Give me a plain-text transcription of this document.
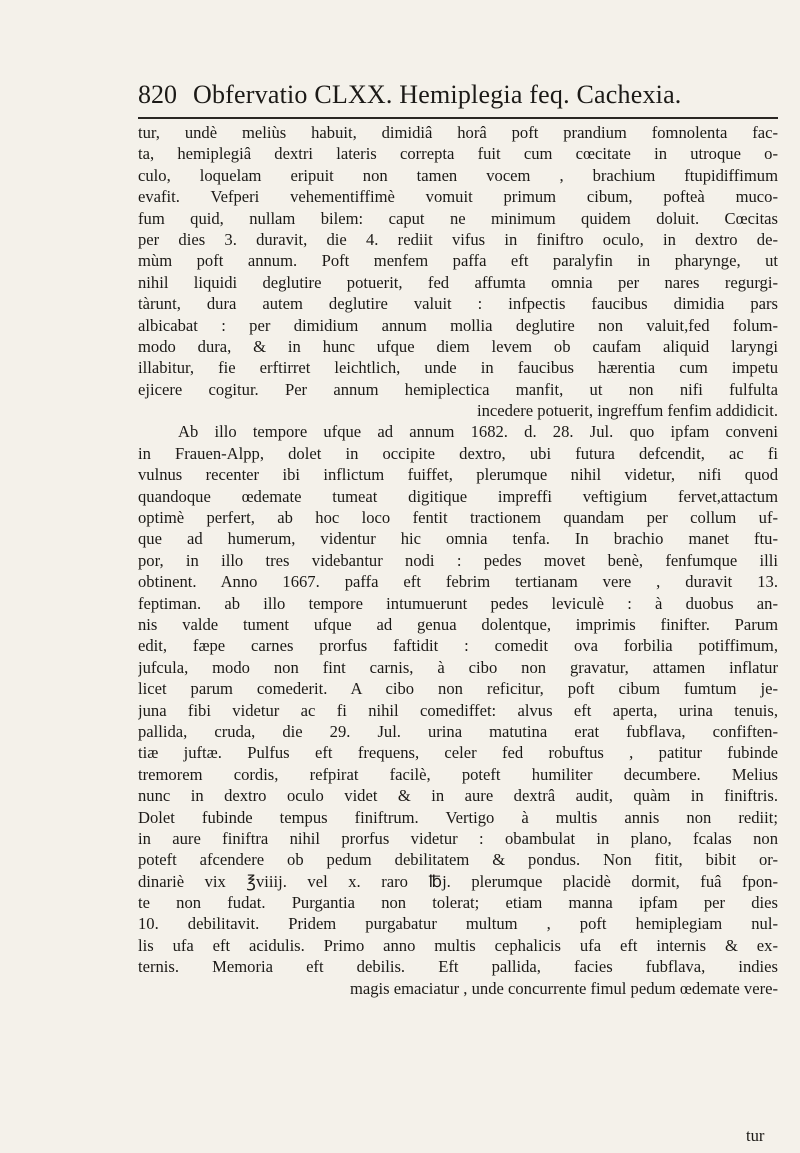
820 Obfervatio CLXX. Hemiplegia feq. Cachexia.
tur, undè meliùs habuit, dimidiâ horâ poft prandium fomnolenta fac-
ta, hemiplegiâ dextri lateris correpta fuit cum cœcitate in utroque o-
culo, loquelam eripuit non tamen vocem , brachium ftupidiffimum
evafit. Vefperi vehementiffimè vomuit primum cibum, pofteà muco-
fum quid, nullam bilem: caput ne minimum quidem doluit. Cœcitas
per dies 3. duravit, die 4. rediit vifus in finiftro oculo, in dextro de-
mùm poft annum. Poft menfem paffa eft paralyfin in pharynge, ut
nihil liquidi deglutire potuerit, fed affumta omnia per nares regurgi-
tàrunt, dura autem deglutire valuit : infpectis faucibus dimidia pars
albicabat : per dimidium annum mollia deglutire non valuit,fed folum-
modo dura, & in hunc ufque diem levem ob caufam aliquid laryngi
illabitur, fie erftirret leichtlich, unde in faucibus hærentia cum impetu
ejicere cogitur. Per annum hemiplectica manfit, ut non nifi fulfulta
incedere potuerit, ingreffum fenfim addidicit.
Ab illo tempore ufque ad annum 1682. d. 28. Jul. quo ipfam conveni
in Frauen-Alpp, dolet in occipite dextro, ubi futura defcendit, ac fi
vulnus recenter ibi inflictum fuiffet, plerumque nihil videtur, nifi quod
quandoque œdemate tumeat digitique impreffi veftigium fervet,attactum
optimè perfert, ab hoc loco fentit tractionem quandam per collum uf-
que ad humerum, videntur hic omnia tenfa. In brachio manet ftu-
por, in illo tres videbantur nodi : pedes movet benè, fenfumque illi
obtinent. Anno 1667. paffa eft febrim tertianam vere , duravit 13.
feptiman. ab illo tempore intumuerunt pedes leviculè : à duobus an-
nis valde tument ufque ad genua dolentque, imprimis finifter. Parum
edit, fæpe carnes prorfus faftidit : comedit ova forbilia potiffimum,
jufcula, modo non fint carnis, à cibo non gravatur, attamen inflatur
licet parum comederit. A cibo non reficitur, poft cibum fumtum je-
juna fibi videtur ac fi nihil comediffet: alvus eft aperta, urina tenuis,
pallida, cruda, die 29. Jul. urina matutina erat fubflava, confiften-
tiæ juftæ. Pulfus eft frequens, celer fed robuftus , patitur fubinde
tremorem cordis, refpirat facilè, poteft humiliter decumbere. Melius
nunc in dextro oculo videt & in aure dextrâ audit, quàm in finiftris.
Dolet fubinde tempus finiftrum. Vertigo à multis annis non rediit;
in aure finiftra nihil prorfus videtur : obambulat in plano, fcalas non
poteft afcendere ob pedum debilitatem & pondus. Non fitit, bibit or-
dinariè vix ℥viiij. vel x. raro ℔j. plerumque placidè dormit, fuâ fpon-
te non fudat. Purgantia non tolerat; etiam manna ipfam per dies
10. debilitavit. Pridem purgabatur multum , poft hemiplegiam nul-
lis ufa eft acidulis. Primo anno multis cephalicis ufa eft internis & ex-
ternis. Memoria eft debilis. Eft pallida, facies fubflava, indies
magis emaciatur , unde concurrente fimul pedum œdemate vere-
tur
